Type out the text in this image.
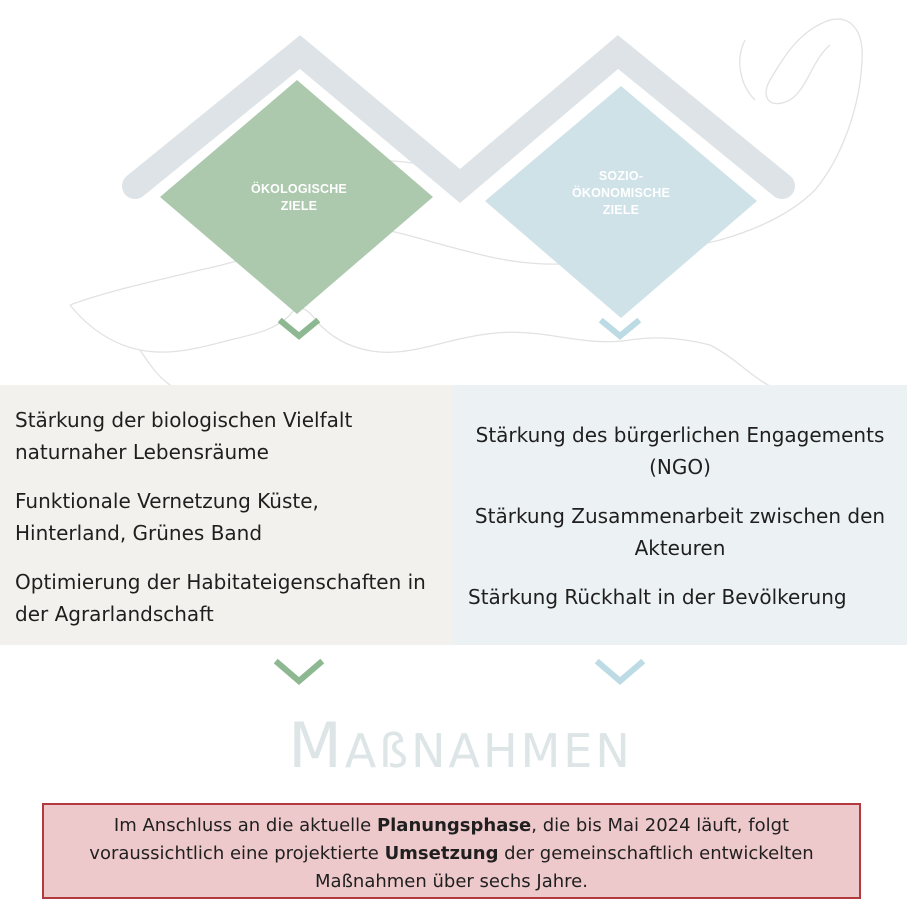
ÖKOLOGISCHE
ZIELE
SOZIO-
ÖKONOMISCHE
ZIELE
Stärkung der biologischen Vielfalt
naturnaher Lebensräume
Funktionale Vernetzung Küste,
Hinterland, Grünes Band
Optimierung der Habitateigenschaften in
der Agrarlandschaft
Stärkung des bürgerlichen Engagements
(NGO)
Stärkung Zusammenarbeit zwischen den
Akteuren
Stärkung Rückhalt in der Bevölkerung
MAßNAHMEN
Im Anschluss an die aktuelle Planungsphase, die bis Mai 2024 läuft, folgt
voraussichtlich eine projektierte Umsetzung der gemeinschaftlich entwickelten
Maßnahmen über sechs Jahre.
